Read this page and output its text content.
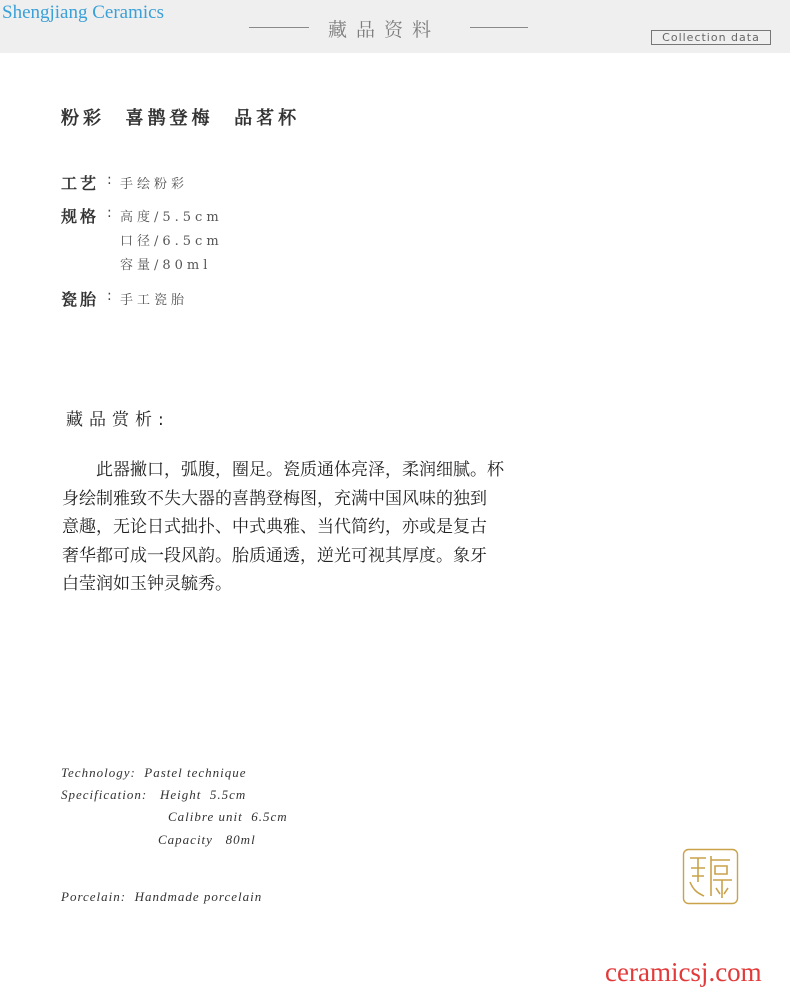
Shengjiang Ceramics
藏品资料	Collection data
粉彩  喜鹊登梅  品茗杯
工艺 : 手绘粉彩
规格 : 高度/5.5cm
口径/6.5cm
容量/80ml
瓷胎 : 手工瓷胎
藏品赏析:
此器撇口，弧腹，圈足。瓷质通体亮泽，柔润细腻。杯
身绘制雅致不失大器的喜鹊登梅图，充满中国风味的独到
意趣，无论日式拙扑、中式典雅、当代简约，亦或是复古
奢华都可成一段风韵。胎质通透，逆光可视其厚度。象牙
白莹润如玉钟灵毓秀。
Technology:  Pastel technique
Specification:   Height  5.5cm
Calibre unit  6.5cm
Capacity   80ml
Porcelain:  Handmade porcelain
ceramicsj.com
